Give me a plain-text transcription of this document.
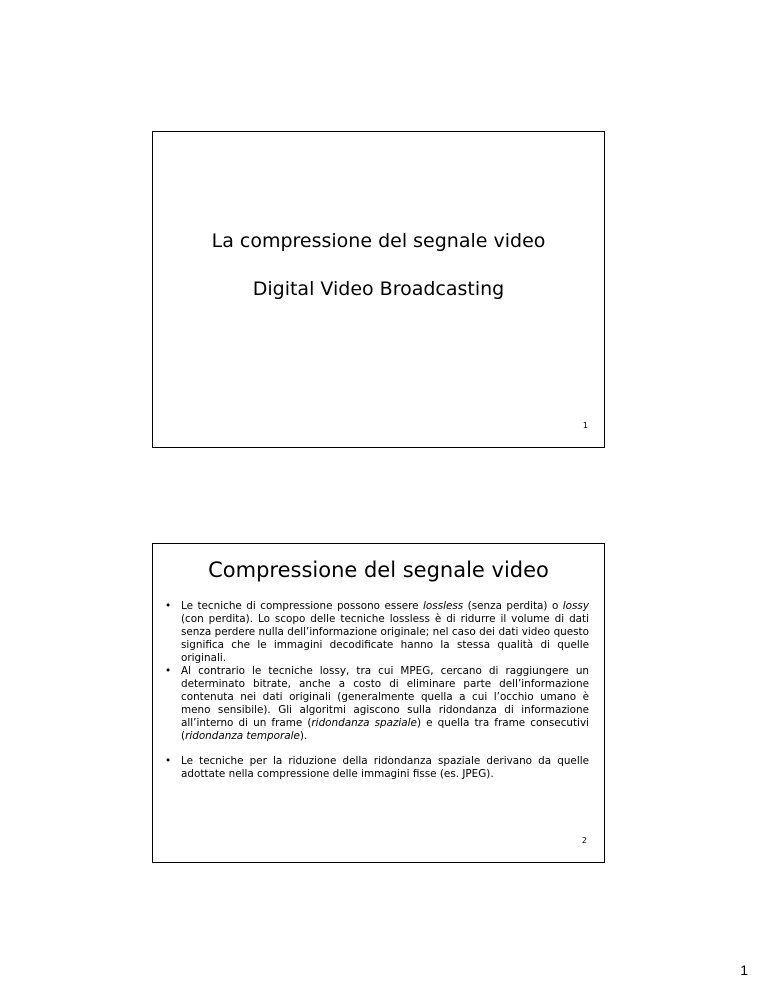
La compressione del segnale video
Digital Video Broadcasting
1
Compressione del segnale video
• Le tecniche di compressione possono essere lossless (senza perdita) o lossy (con perdita). Lo scopo delle tecniche lossless è di ridurre il volume di dati senza perdere nulla dell’informazione originale; nel caso dei dati video questo significa che le immagini decodificate hanno la stessa qualità di quelle originali.
• Al contrario le tecniche lossy, tra cui MPEG, cercano di raggiungere un determinato bitrate, anche a costo di eliminare parte dell’informazione contenuta nei dati originali (generalmente quella a cui l’occhio umano è meno sensibile). Gli algoritmi agiscono sulla ridondanza di informazione all’interno di un frame (ridondanza spaziale) e quella tra frame consecutivi (ridondanza temporale).
• Le tecniche per la riduzione della ridondanza spaziale derivano da quelle adottate nella compressione delle immagini fisse (es. JPEG).
2
1
